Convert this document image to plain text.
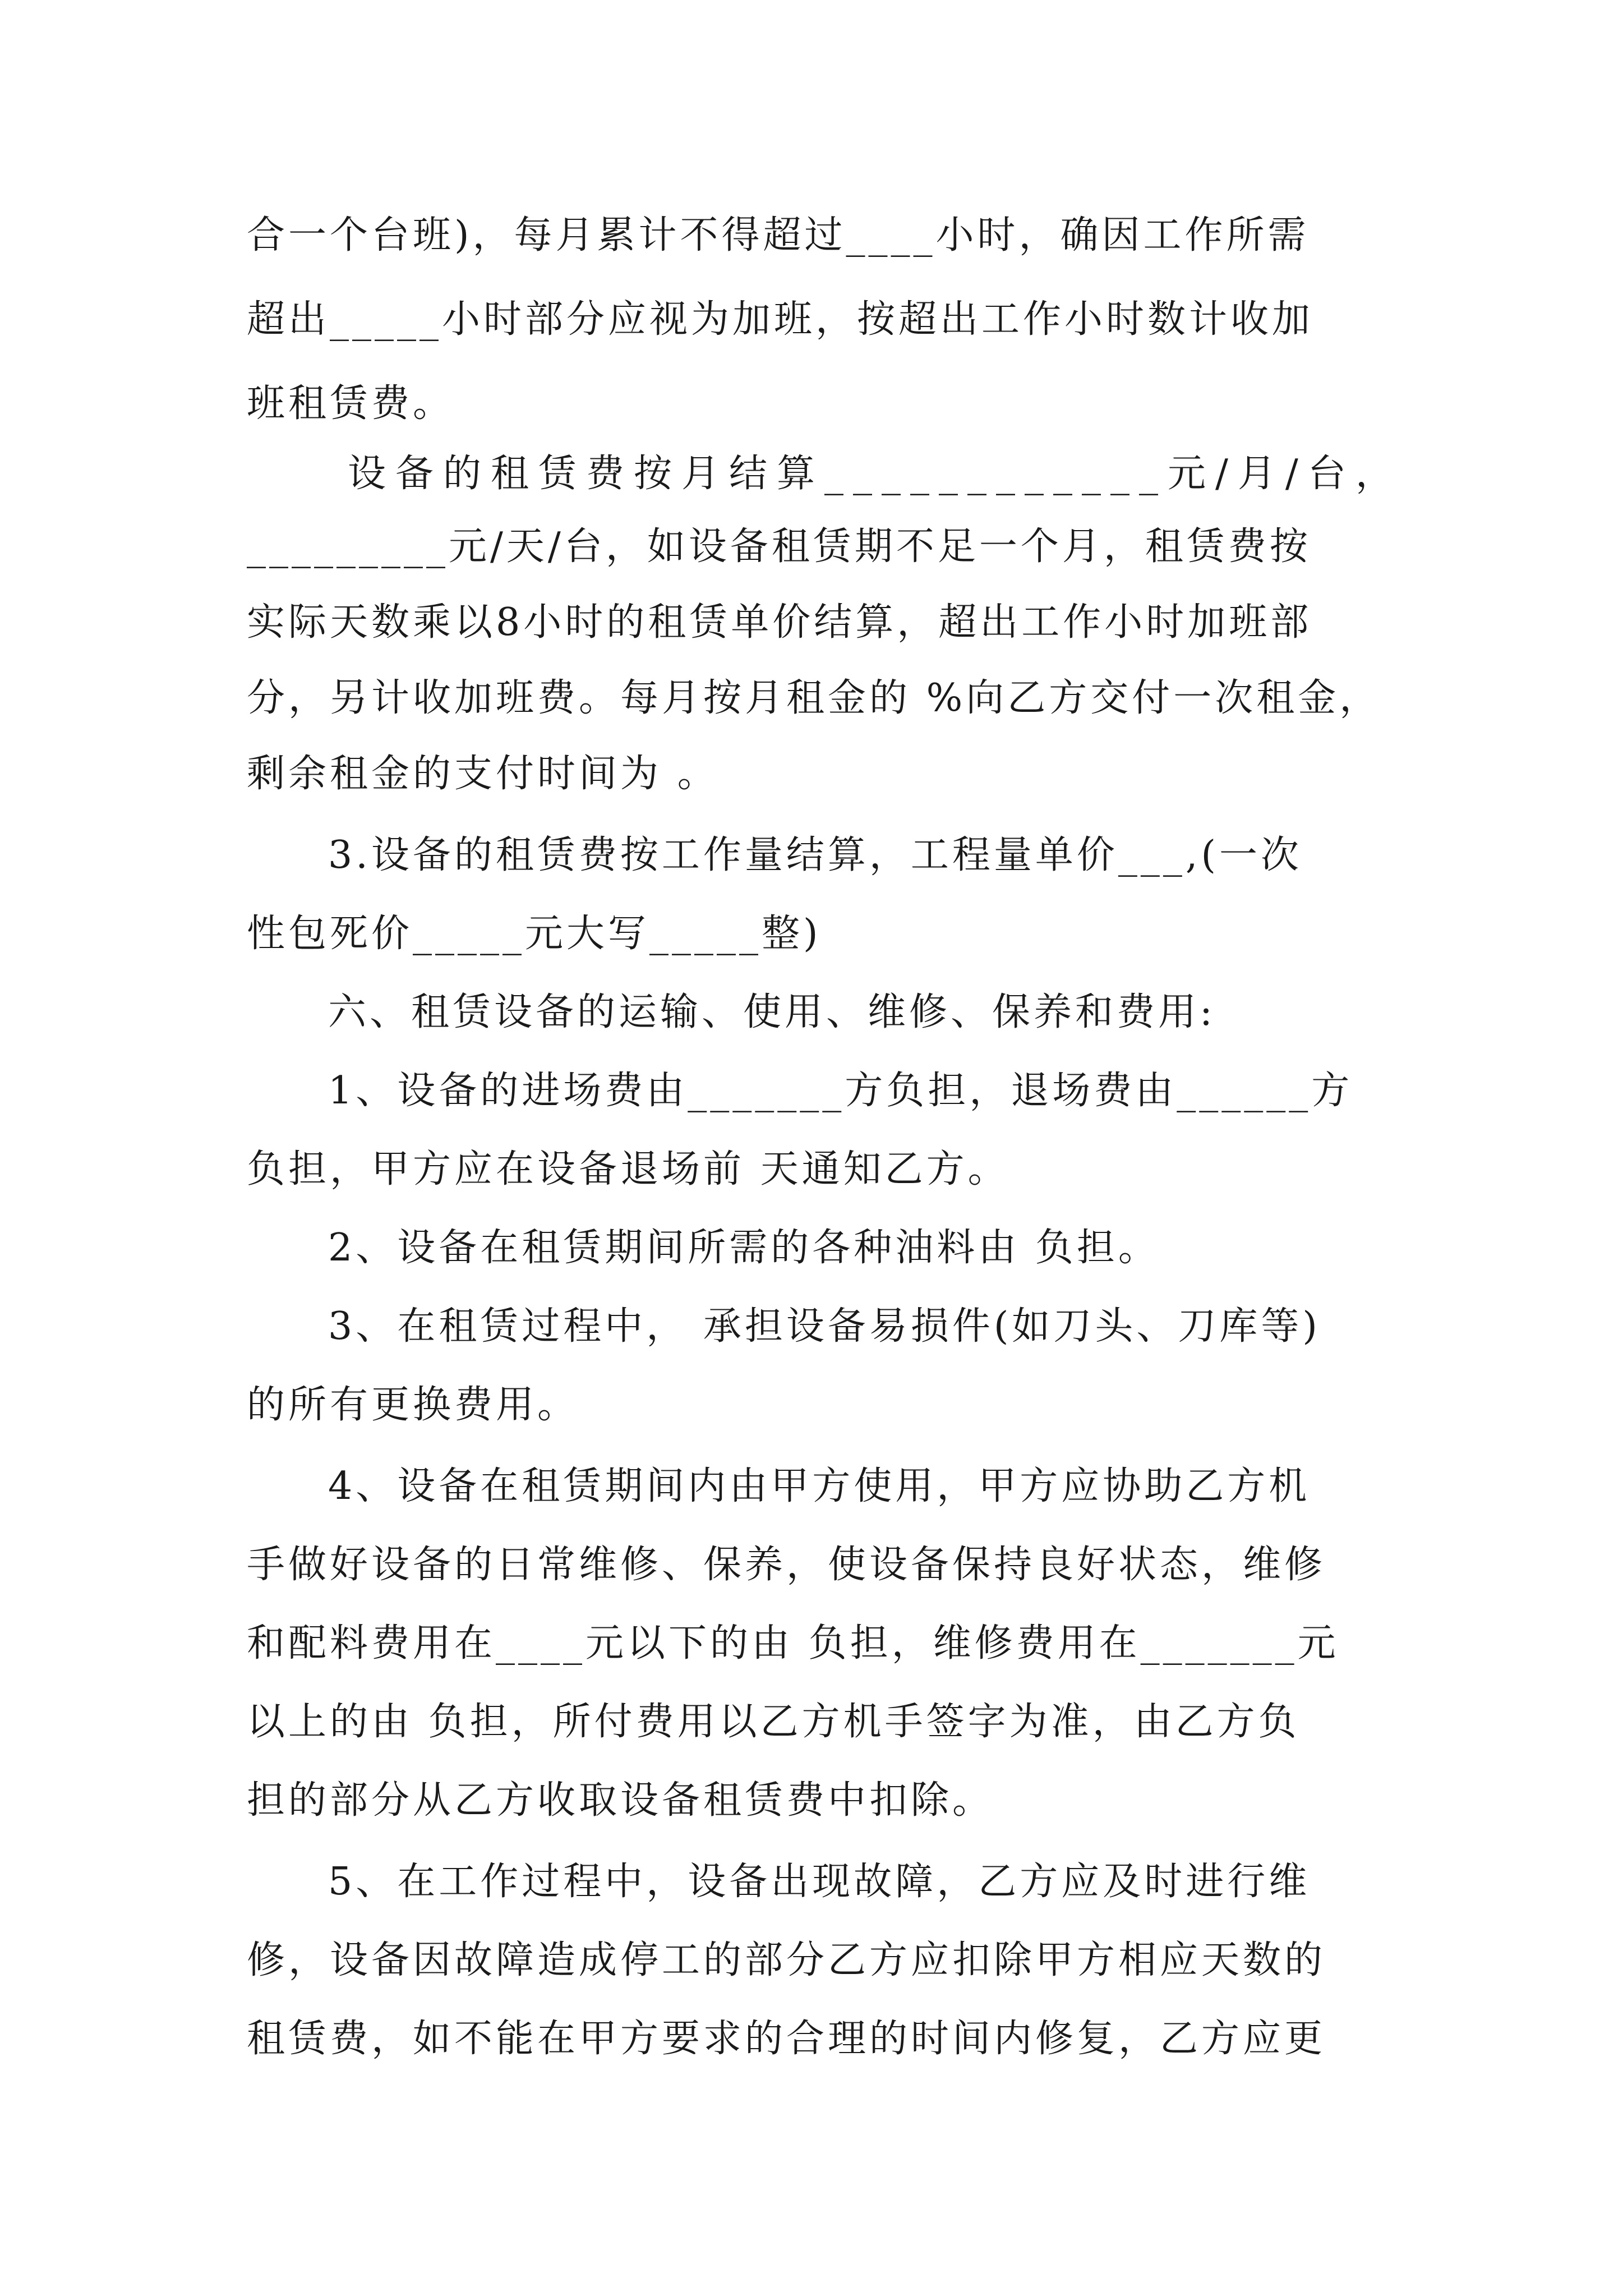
合一个台班)，每月累计不得超过____小时，确因工作所需
超出_____小时部分应视为加班，按超出工作小时数计收加
班租赁费。
设备的租赁费按月结算____________元/月/台，
_________元/天/台，如设备租赁期不足一个月，租赁费按
实际天数乘以8小时的租赁单价结算，超出工作小时加班部
分，另计收加班费。每月按月租金的 %向乙方交付一次租金，
剩余租金的支付时间为 。
3.设备的租赁费按工作量结算，工程量单价___,(一次
性包死价_____元大写_____整)
六、租赁设备的运输、使用、维修、保养和费用:
1、设备的进场费由_______方负担，退场费由______方
负担，甲方应在设备退场前 天通知乙方。
2、设备在租赁期间所需的各种油料由 负担。
3、在租赁过程中， 承担设备易损件(如刀头、刀库等)
的所有更换费用。
4、设备在租赁期间内由甲方使用，甲方应协助乙方机
手做好设备的日常维修、保养，使设备保持良好状态，维修
和配料费用在____元以下的由 负担，维修费用在_______元
以上的由 负担，所付费用以乙方机手签字为准，由乙方负
担的部分从乙方收取设备租赁费中扣除。
5、在工作过程中，设备出现故障，乙方应及时进行维
修，设备因故障造成停工的部分乙方应扣除甲方相应天数的
租赁费，如不能在甲方要求的合理的时间内修复，乙方应更
